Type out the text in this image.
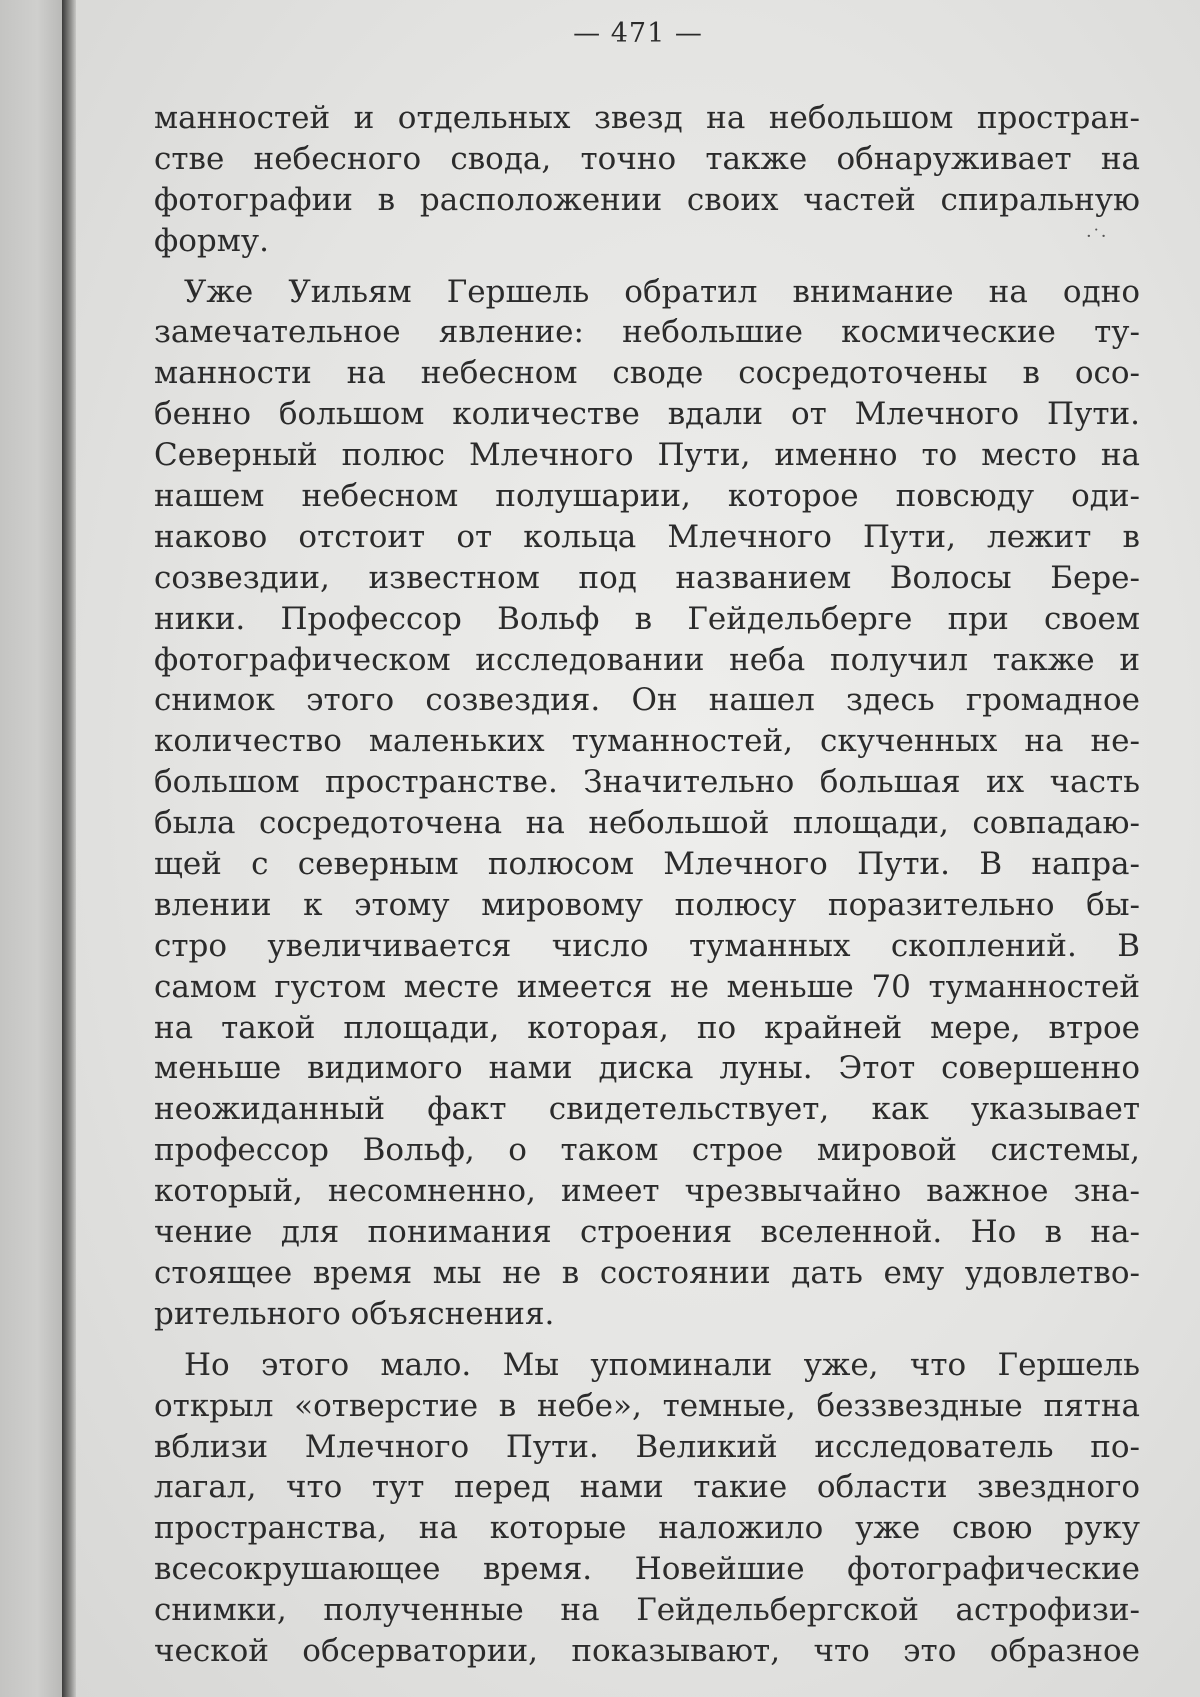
— 471 —
манностей и отдельных звезд на небольшом простран-
стве небесного свода, точно также обнаруживает на
фотографии в расположении своих частей спиральную
форму.
Уже Уильям Гершель обратил внимание на одно
замечательное явление: небольшие космические ту-
манности на небесном своде сосредоточены в осо-
бенно большом количестве вдали от Млечного Пути.
Северный полюс Млечного Пути, именно то место на
нашем небесном полушарии, которое повсюду оди-
наково отстоит от кольца Млечного Пути, лежит в
созвездии, известном под названием Волосы Бере-
ники. Профессор Вольф в Гейдельберге при своем
фотографическом исследовании неба получил также и
снимок этого созвездия. Он нашел здесь громадное
количество маленьких туманностей, скученных на не-
большом пространстве. Значительно большая их часть
была сосредоточена на небольшой площади, совпадаю-
щей с северным полюсом Млечного Пути. В напра-
влении к этому мировому полюсу поразительно бы-
стро увеличивается число туманных скоплений. В
самом густом месте имеется не меньше 70 туманностей
на такой площади, которая, по крайней мере, втрое
меньше видимого нами диска луны. Этот совершенно
неожиданный факт свидетельствует, как указывает
профессор Вольф, о таком строе мировой системы,
который, несомненно, имеет чрезвычайно важное зна-
чение для понимания строения вселенной. Но в на-
стоящее время мы не в состоянии дать ему удовлетво-
рительного объяснения.
Но этого мало. Мы упоминали уже, что Гершель
открыл «отверстие в небе», темные, беззвездные пятна
вблизи Млечного Пути. Великий исследователь по-
лагал, что тут перед нами такие области звездного
пространства, на которые наложило уже свою руку
всесокрушающее время. Новейшие фотографические
снимки, полученные на Гейдельбергской астрофизи-
ческой обсерватории, показывают, что это образное
·˙·
